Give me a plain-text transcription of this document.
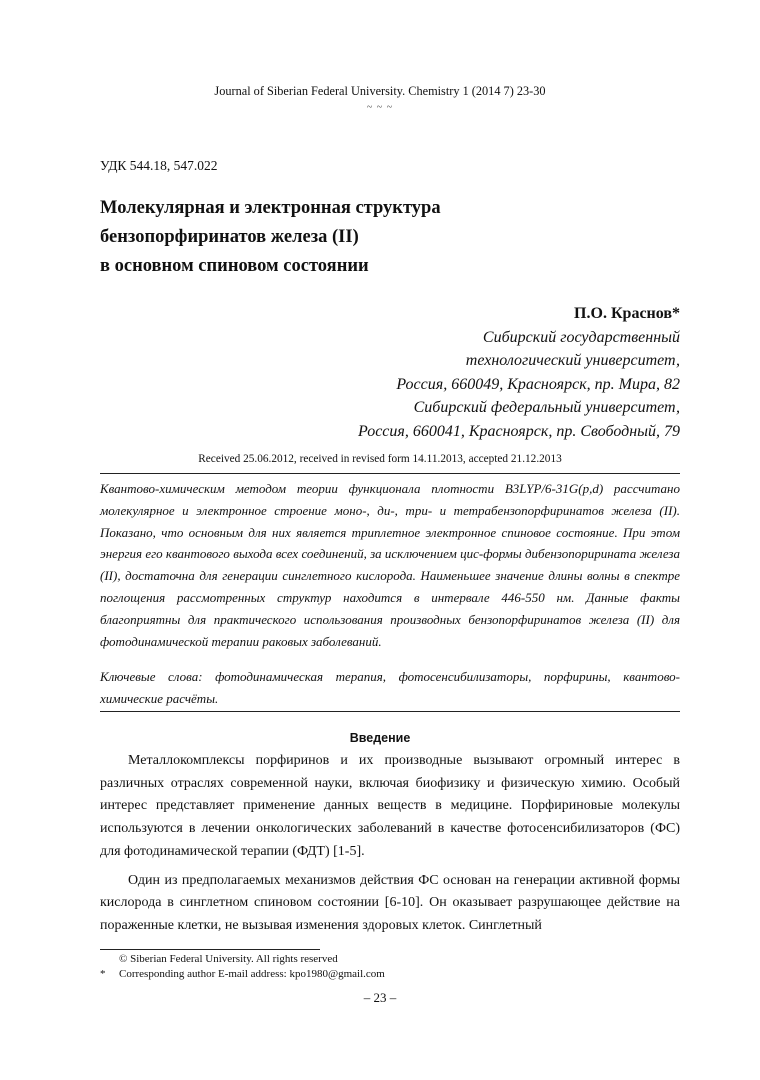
Journal of Siberian Federal University. Chemistry 1 (2014 7) 23-30
~ ~ ~
УДК 544.18, 547.022
Молекулярная и электронная структура
бензопорфиринатов железа (II)
в основном спиновом состоянии
П.О. Краснов*
Сибирский государственный
технологический университет,
Россия, 660049, Красноярск, пр. Мира, 82
Сибирский федеральный университет,
Россия, 660041, Красноярск, пр. Свободный, 79
Received 25.06.2012, received in revised form 14.11.2013, accepted 21.12.2013
Квантово-химическим методом теории функционала плотности B3LYP/6-31G(p,d) рассчитано молекулярное и электронное строение моно-, ди-, три- и тетрабензопорфиринатов железа (II). Показано, что основным для них является триплетное электронное спиновое состояние. При этом энергия его квантового выхода всех соединений, за исключением цис-формы дибензопоририната железа (II), достаточна для генерации синглетного кислорода. Наименьшее значение длины волны в спектре поглощения рассмотренных структур находится в интервале 446-550 нм. Данные факты благоприятны для практического использования производных бензопорфиринатов железа (II) для фотодинамической терапии раковых заболеваний.
Ключевые слова: фотодинамическая терапия, фотосенсибилизаторы, порфирины, квантово-химические расчёты.
Введение

Металлокомплексы порфиринов и их производные вызывают огромный интерес в различных отраслях современной науки, включая биофизику и физическую химию. Особый интерес представляет применение данных веществ в медицине. Порфириновые молекулы используются в лечении онкологических заболеваний в качестве фотосенсибилизаторов (ФС) для фотодинамической терапии (ФДТ) [1-5].

Один из предполагаемых механизмов действия ФС основан на генерации активной формы кислорода в синглетном спиновом состоянии [6-10]. Он оказывает разрушающее действие на пораженные клетки, не вызывая изменения здоровых клеток. Синглетный

© Siberian Federal University. All rights reserved
*	Corresponding author E-mail address: kpo1980@gmail.com
– 23 –
